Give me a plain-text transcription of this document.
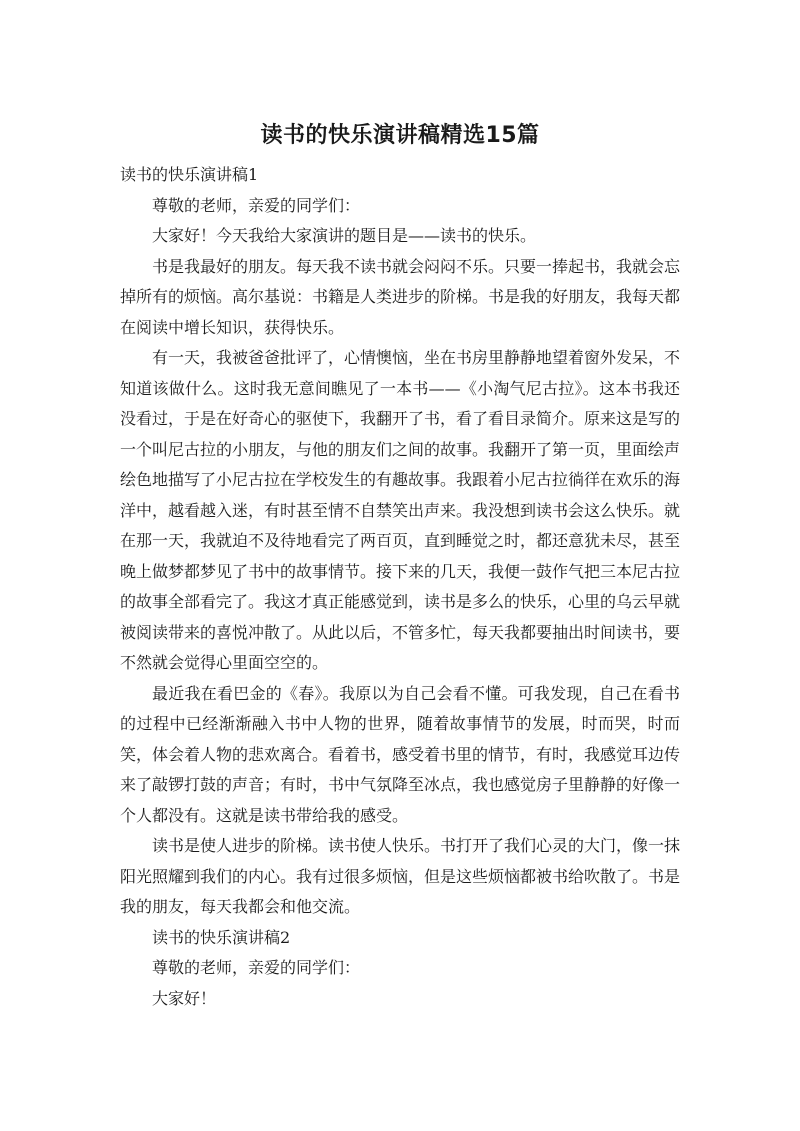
读书的快乐演讲稿精选15篇

读书的快乐演讲稿1

尊敬的老师，亲爱的同学们：

大家好！今天我给大家演讲的题目是——读书的快乐。

书是我最好的朋友。每天我不读书就会闷闷不乐。只要一捧起书，我就会忘掉所有的烦恼。高尔基说：书籍是人类进步的阶梯。书是我的好朋友，我每天都在阅读中增长知识，获得快乐。

有一天，我被爸爸批评了，心情懊恼，坐在书房里静静地望着窗外发呆，不知道该做什么。这时我无意间瞧见了一本书——《小淘气尼古拉》。这本书我还没看过，于是在好奇心的驱使下，我翻开了书，看了看目录简介。原来这是写的一个叫尼古拉的小朋友，与他的朋友们之间的故事。我翻开了第一页，里面绘声绘色地描写了小尼古拉在学校发生的有趣故事。我跟着小尼古拉徜徉在欢乐的海洋中，越看越入迷，有时甚至情不自禁笑出声来。我没想到读书会这么快乐。就在那一天，我就迫不及待地看完了两百页，直到睡觉之时，都还意犹未尽，甚至晚上做梦都梦见了书中的故事情节。接下来的几天，我便一鼓作气把三本尼古拉的故事全部看完了。我这才真正能感觉到，读书是多么的快乐，心里的乌云早就被阅读带来的喜悦冲散了。从此以后，不管多忙，每天我都要抽出时间读书，要不然就会觉得心里面空空的。

最近我在看巴金的《春》。我原以为自己会看不懂。可我发现，自己在看书的过程中已经渐渐融入书中人物的世界，随着故事情节的发展，时而哭，时而笑，体会着人物的悲欢离合。看着书，感受着书里的情节，有时，我感觉耳边传来了敲锣打鼓的声音；有时，书中气氛降至冰点，我也感觉房子里静静的好像一个人都没有。这就是读书带给我的感受。

读书是使人进步的阶梯。读书使人快乐。书打开了我们心灵的大门，像一抹阳光照耀到我们的内心。我有过很多烦恼，但是这些烦恼都被书给吹散了。书是我的朋友，每天我都会和他交流。

读书的快乐演讲稿2

尊敬的老师，亲爱的同学们：

大家好！
